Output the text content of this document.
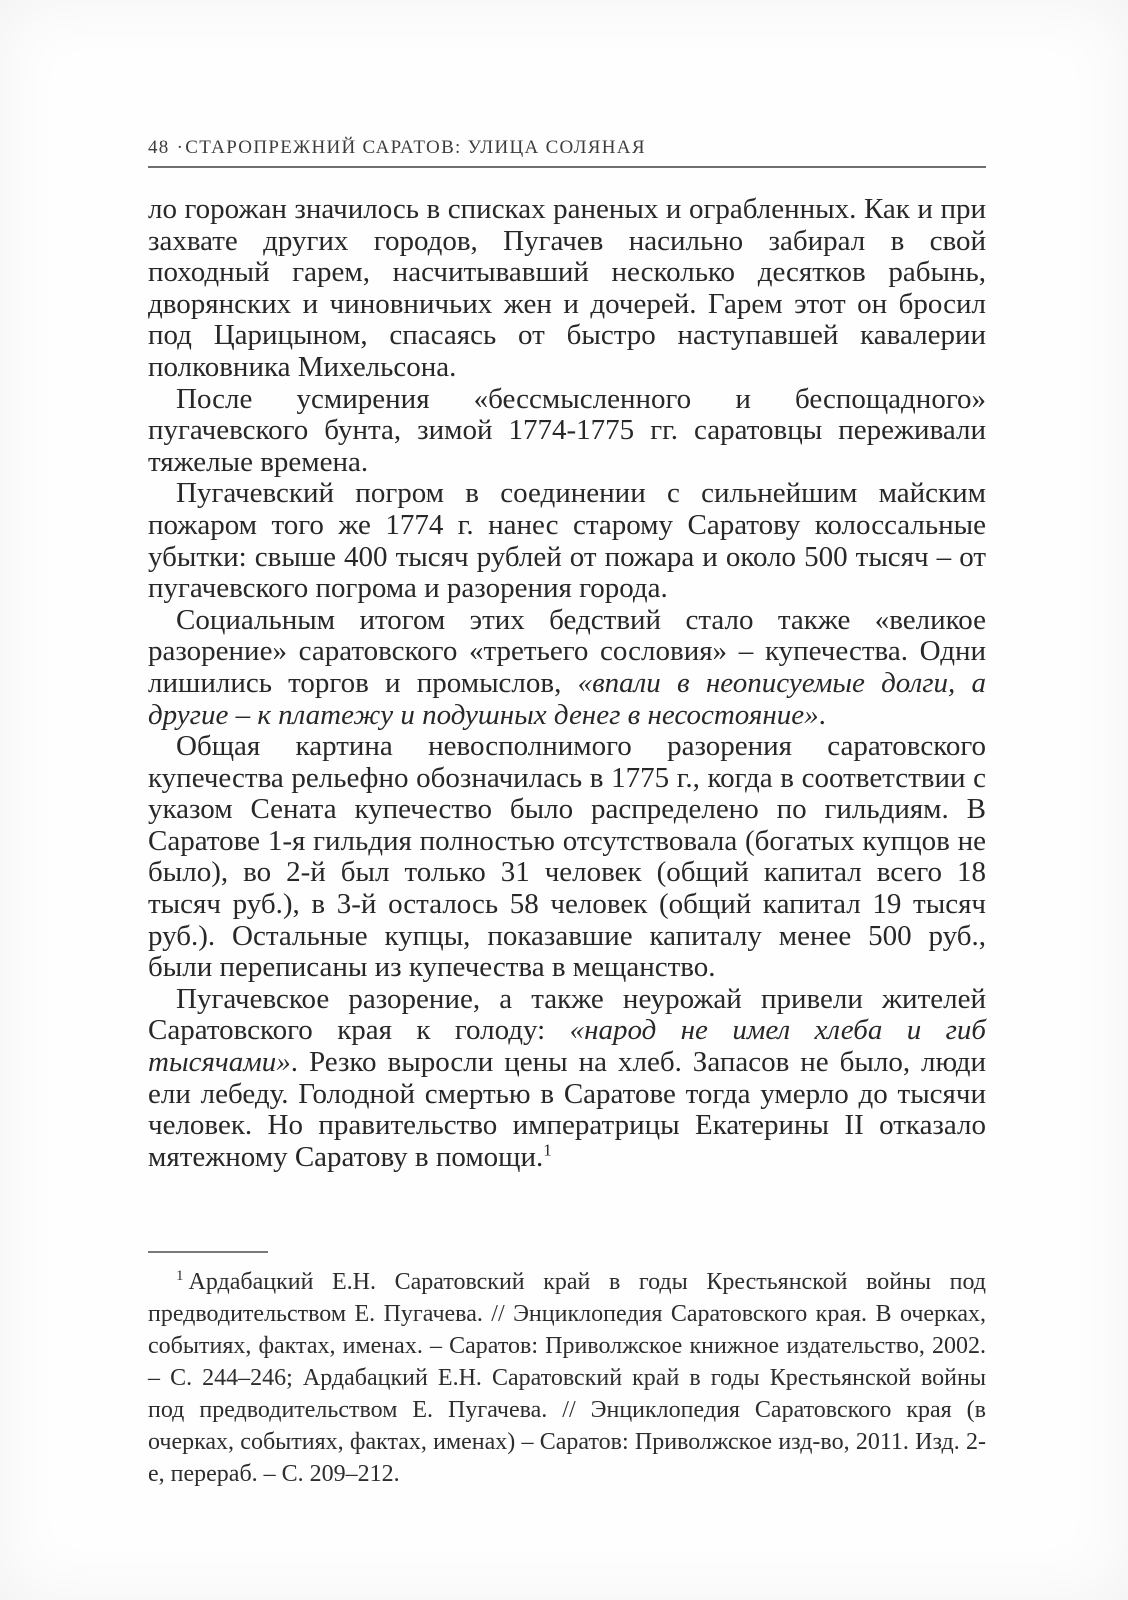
48 ·СТАРОПРЕЖНИЙ САРАТОВ: УЛИЦА СОЛЯНАЯ

ло горожан значилось в списках раненых и ограбленных. Как и при захвате других городов, Пугачев насильно забирал в свой походный гарем, насчитывавший несколько десятков рабынь, дворянских и чиновничьих жен и дочерей. Гарем этот он бросил под Царицыном, спасаясь от быстро наступавшей кавалерии полковника Михельсона.

После усмирения «бессмысленного и беспощадного» пугачевского бунта, зимой 1774-1775 гг. саратовцы переживали тяжелые времена.

Пугачевский погром в соединении с сильнейшим майским пожаром того же 1774 г. нанес старому Саратову колоссальные убытки: свыше 400 тысяч рублей от пожара и около 500 тысяч – от пугачевского погрома и разорения города.

Социальным итогом этих бедствий стало также «великое разорение» саратовского «третьего сословия» – купечества. Одни лишились торгов и промыслов, «впали в неописуемые долги, а другие – к платежу и подушных денег в несостояние».

Общая картина невосполнимого разорения саратовского купечества рельефно обозначилась в 1775 г., когда в соответствии с указом Сената купечество было распределено по гильдиям. В Саратове 1-я гильдия полностью отсутствовала (богатых купцов не было), во 2-й был только 31 человек (общий капитал всего 18 тысяч руб.), в 3-й осталось 58 человек (общий капитал 19 тысяч руб.). Остальные купцы, показавшие капиталу менее 500 руб., были переписаны из купечества в мещанство.

Пугачевское разорение, а также неурожай привели жителей Саратовского края к голоду: «народ не имел хлеба и гиб тысячами». Резко выросли цены на хлеб. Запасов не было, люди ели лебеду. Голодной смертью в Саратове тогда умерло до тысячи человек. Но правительство императрицы Екатерины II отказало мятежному Саратову в помощи.$^1$

$^1$ Ардабацкий Е.Н. Саратовский край в годы Крестьянской войны под предводительством Е. Пугачева. // Энциклопедия Саратовского края. В очерках, событиях, фактах, именах. – Саратов: Приволжское книжное издательство, 2002. – С. 244–246; Ардабацкий Е.Н. Саратовский край в годы Крестьянской войны под предводительством Е. Пугачева. // Энциклопедия Саратовского края (в очерках, событиях, фактах, именах) – Саратов: Приволжское изд-во, 2011. Изд. 2-е, перераб. – С. 209–212.
